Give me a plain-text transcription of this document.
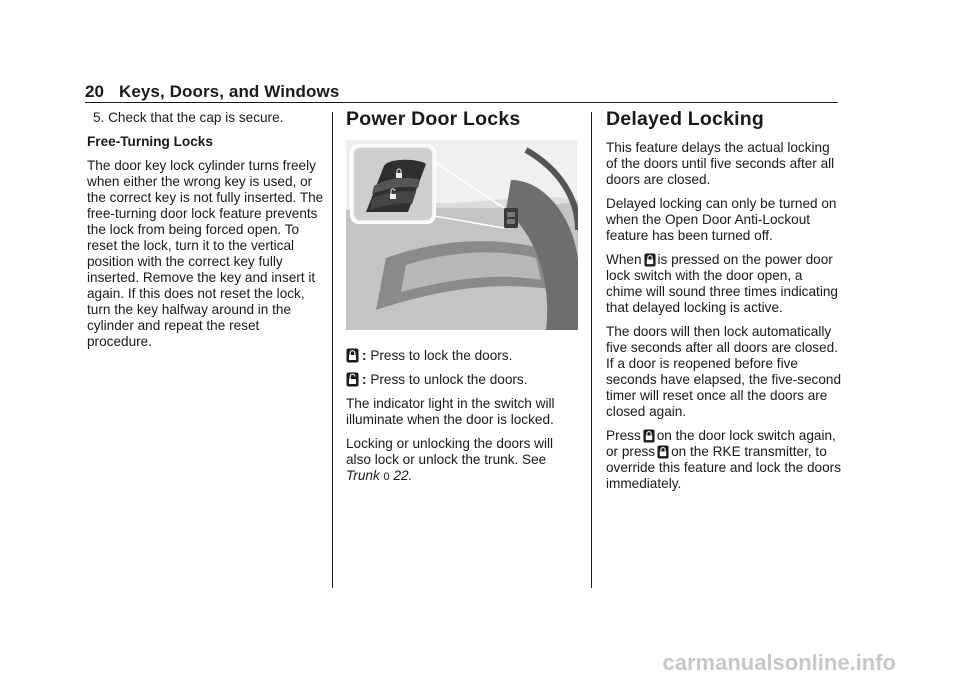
20 Keys, Doors, and Windows

5. Check that the cap is secure.

Free-Turning Locks

The door key lock cylinder turns freely when either the wrong key is used, or the correct key is not fully inserted. The free-turning door lock feature prevents the lock from being forced open. To reset the lock, turn it to the vertical position with the correct key fully inserted. Remove the key and insert it again. If this does not reset the lock, turn the key halfway around in the cylinder and repeat the reset procedure.

Power Door Locks

: Press to lock the doors.

: Press to unlock the doors.

The indicator light in the switch will illuminate when the door is locked.

Locking or unlocking the doors will also lock or unlock the trunk. See Trunk 0 22.

Delayed Locking

This feature delays the actual locking of the doors until five seconds after all doors are closed.

Delayed locking can only be turned on when the Open Door Anti-Lockout feature has been turned off.

When is pressed on the power door lock switch with the door open, a chime will sound three times indicating that delayed locking is active.

The doors will then lock automatically five seconds after all doors are closed. If a door is reopened before five seconds have elapsed, the five-second timer will reset once all the doors are closed again.

Press on the door lock switch again, or press on the RKE transmitter, to override this feature and lock the doors immediately.

carmanualsonline.info
